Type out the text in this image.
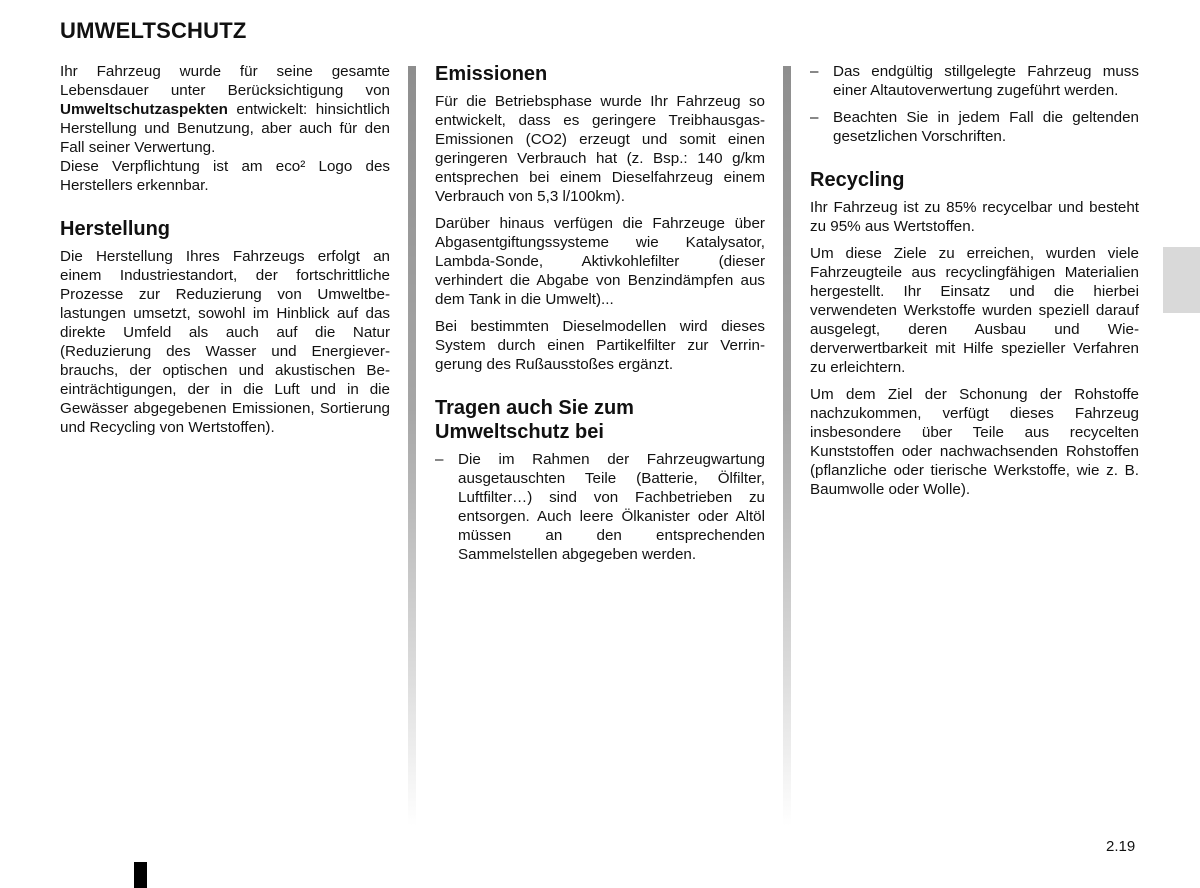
UMWELTSCHUTZ

Ihr Fahrzeug wurde für seine gesamte Lebensdauer unter Berücksichtigung von Umweltschutzaspekten entwickelt: hinsichtlich Herstellung und Benutzung, aber auch für den Fall seiner Verwertung.
Diese Verpflichtung ist am eco² Logo des Herstellers erkennbar.

Herstellung

Die Herstellung Ihres Fahrzeugs erfolgt an einem Industriestandort, der fortschrittliche Prozesse zur Reduzierung von Umweltbelastungen umsetzt, sowohl im Hinblick auf das direkte Umfeld als auch auf die Natur (Reduzierung des Wasser und Energieverbrauchs, der optischen und akustischen Beeinträchtigungen, der in die Luft und in die Gewässer abgegebenen Emissionen, Sortierung und Recycling von Wertstoffen).

Emissionen

Für die Betriebsphase wurde Ihr Fahrzeug so entwickelt, dass es geringere Treibhausgas-Emissionen (CO2) erzeugt und somit einen geringeren Verbrauch hat (z. Bsp.: 140 g/km entsprechen bei einem Dieselfahrzeug einem Verbrauch von 5,3 l/100km).

Darüber hinaus verfügen die Fahrzeuge über Abgasentgiftungssysteme wie Katalysator, Lambda-Sonde, Aktivkohlefilter (dieser verhindert die Abgabe von Benzindämpfen aus dem Tank in die Umwelt)...

Bei bestimmten Dieselmodellen wird dieses System durch einen Partikelfilter zur Verringerung des Rußausstoßes ergänzt.

Tragen auch Sie zum Umweltschutz bei
– Die im Rahmen der Fahrzeugwartung ausgetauschten Teile (Batterie, Ölfilter, Luftfilter…) sind von Fachbetrieben zu entsorgen. Auch leere Ölkanister oder Altöl müssen an den entsprechenden Sammelstellen abgegeben werden.
– Das endgültig stillgelegte Fahrzeug muss einer Altautoverwertung zugeführt werden.
– Beachten Sie in jedem Fall die geltenden gesetzlichen Vorschriften.
Recycling

Ihr Fahrzeug ist zu 85% recycelbar und besteht zu 95% aus Wertstoffen.

Um diese Ziele zu erreichen, wurden viele Fahrzeugteile aus recyclingfähigen Materialien hergestellt. Ihr Einsatz und die hierbei verwendeten Werkstoffe wurden speziell darauf ausgelegt, deren Ausbau und Wiederverwertbarkeit mit Hilfe spezieller Verfahren zu erleichtern.

Um dem Ziel der Schonung der Rohstoffe nachzukommen, verfügt dieses Fahrzeug insbesondere über Teile aus recycelten Kunststoffen oder nachwachsenden Rohstoffen (pflanzliche oder tierische Werkstoffe, wie z. B. Baumwolle oder Wolle).

2.19
